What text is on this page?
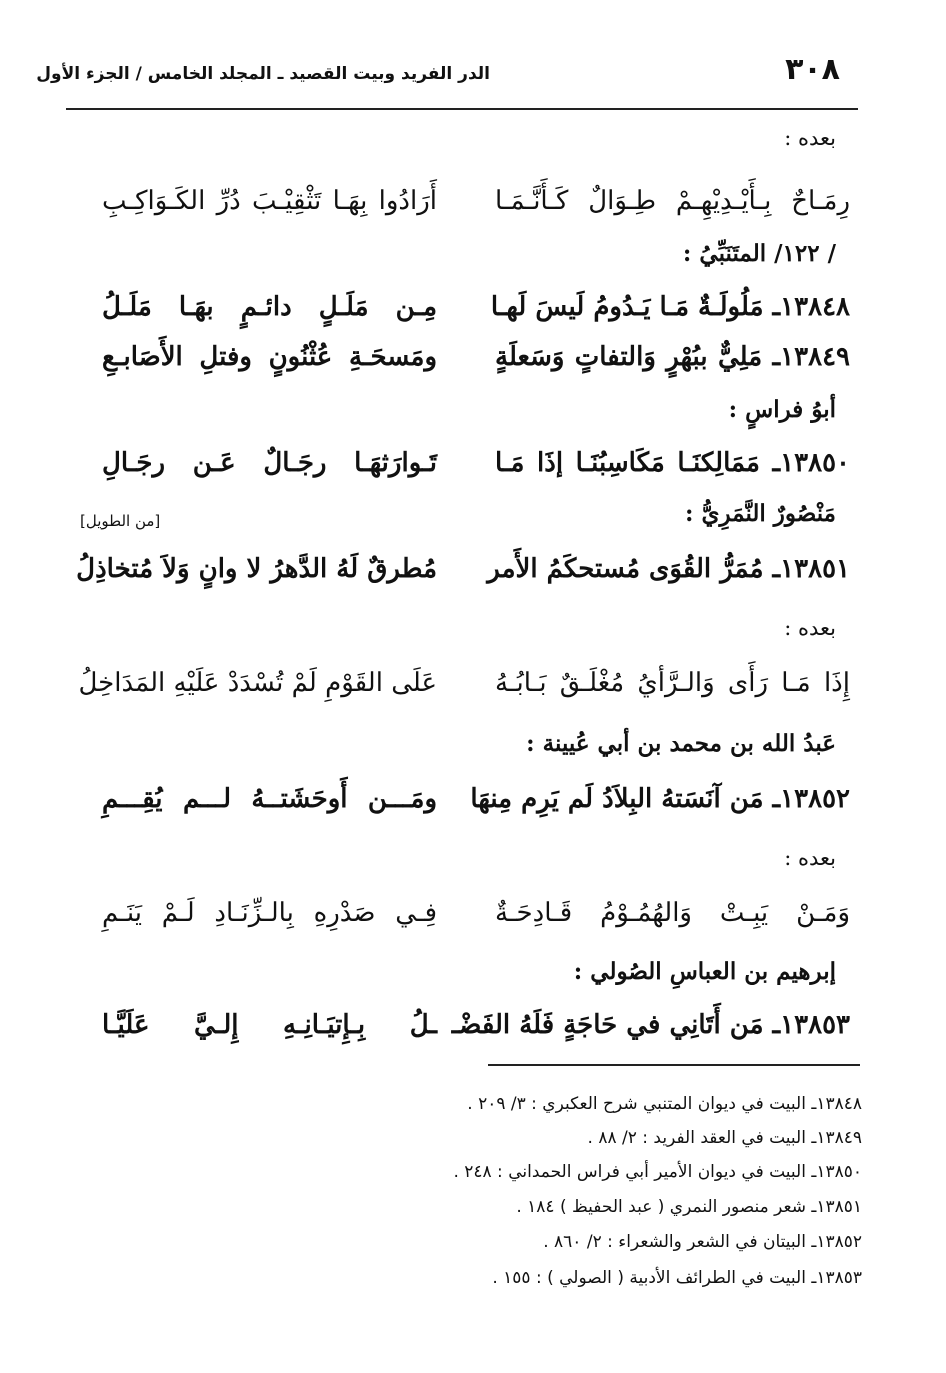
الدر الفريد وبيت القصيد ـ المجلد الخامس / الجزء الأول	٣٠٨
بعده :
رِمَـاحٌ بِـأَيْـدِيْهِـمْ طِـوَالٌ كَـأَنَّـمَـا
أَرَادُوا بِهَـا تَثْقِيْـبَ دُرِّ الكَـوَاكِـبِ
/ ١٢٢/ المتَنَبِّيُ :
١٣٨٤٨ـ مَلُولَـةٌ مَـا يَـدُومُ لَيسَ لَهـا
مِـن مَلَـلٍ دائـمٍ بهَـا مَلَـلُ
١٣٨٤٩ـ مَلِيٌّ ببُهْرٍ وَالتفاتٍ وَسَعلَةٍ
ومَسحَـةِ عُثْنُونٍ وفتلِ الأَصَابـعِ
أبوُ فراسٍ :
١٣٨٥٠ـ مَمَالِكنَـا مَكَاسِبُنَـا إذَا مَـا
تَـوارَثهَـا رجَـالٌ عَـن رجَـالِ
مَنْصُورٌ النَّمَرِيُّ :
[من الطويل]
١٣٨٥١ـ مُمَرُّ القُوَى مُستحكَمُ الأَمر
مُطرقٌ لَهُ الدَّهرُ لا وانٍ وَلاَ مُتخاذِلُ
بعده :
إِذَا مَـا رَأَى وَالـرَّأيُ مُغْلَـقٌ بَـابُـهُ
عَلَى القَوْمِ لَمْ تُسْدَدْ عَلَيْهِ المَدَاخِلُ
عَبدُ الله بن محمد بن أبي عُيينة :
١٣٨٥٢ـ مَن آنَسَتهُ البِلاَدُ لَم يَرِم مِنهَا
ومَـــن أَوحَشَتــهُ لـــم يُقِـــمِ
بعده :
وَمَـنْ يَبِـتْ وَالهُمُـوْمُ قَـادِحَـةٌ
فِـي صَدْرِهِ بِالـزِّنَـادِ لَـمْ يَنَـمِ
إبرهيم بن العباسِ الصُولي :
١٣٨٥٣ـ مَن أَتَانِي في حَاجَةٍ فَلَهُ الفَضْـ
ـلُ بِـإِتيَـانِـهِ إِلـيَّ عَلَيَّـا
١٣٨٤٨ـ البيت في ديوان المتنبي شرح العكبري : ٣/ ٢٠٩ .
١٣٨٤٩ـ البيت في العقد الفريد : ٢/ ٨٨ .
١٣٨٥٠ـ البيت في ديوان الأمير أبي فراس الحمداني : ٢٤٨ .
١٣٨٥١ـ شعر منصور النمري ( عبد الحفيظ ) ١٨٤ .
١٣٨٥٢ـ البيتان في الشعر والشعراء : ٢/ ٨٦٠ .
١٣٨٥٣ـ البيت في الطرائف الأدبية ( الصولي ) : ١٥٥ .
